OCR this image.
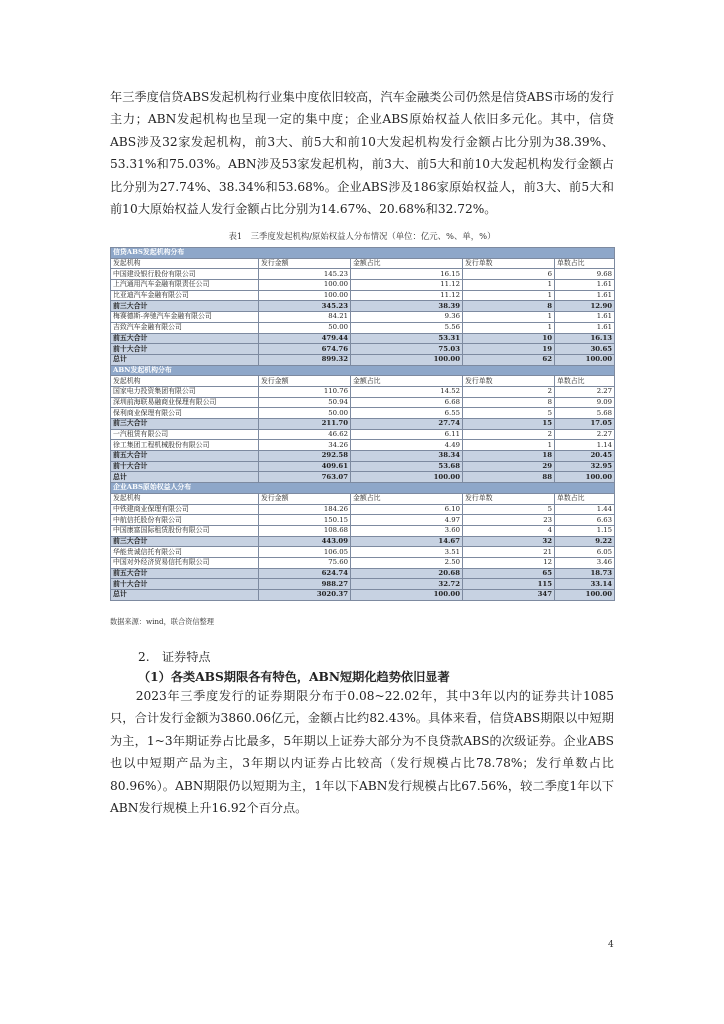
年三季度信贷ABS发起机构行业集中度依旧较高，汽车金融类公司仍然是信贷ABS市场的发行主力；ABN发起机构也呈现一定的集中度；企业ABS原始权益人依旧多元化。其中，信贷ABS涉及32家发起机构，前3大、前5大和前10大发起机构发行金额占比分别为38.39%、53.31%和75.03%。ABN涉及53家发起机构，前3大、前5大和前10大发起机构发行金额占比分别为27.74%、38.34%和53.68%。企业ABS涉及186家原始权益人，前3大、前5大和前10大原始权益人发行金额占比分别为14.67%、20.68%和32.72%。

表1　三季度发起机构/原始权益人分布情况（单位：亿元、%、单，%）
信贷ABS发起机构分布				
发起机构	发行金额	金额占比	发行单数	单数占比
中国建设银行股份有限公司	145.23	16.15	6	9.68
上汽通用汽车金融有限责任公司	100.00	11.12	1	1.61
比亚迪汽车金融有限公司	100.00	11.12	1	1.61
前三大合计	345.23	38.39	8	12.90
梅赛德斯-奔驰汽车金融有限公司	84.21	9.36	1	1.61
吉致汽车金融有限公司	50.00	5.56	1	1.61
前五大合计	479.44	53.31	10	16.13
前十大合计	674.76	75.03	19	30.65
总计	899.32	100.00	62	100.00
ABN发起机构分布				
发起机构	发行金额	金额占比	发行单数	单数占比
国家电力投资集团有限公司	110.76	14.52	2	2.27
深圳前海联易融商业保理有限公司	50.94	6.68	8	9.09
保利商业保理有限公司	50.00	6.55	5	5.68
前三大合计	211.70	27.74	15	17.05
一汽租赁有限公司	46.62	6.11	2	2.27
徐工集团工程机械股份有限公司	34.26	4.49	1	1.14
前五大合计	292.58	38.34	18	20.45
前十大合计	409.61	53.68	29	32.95
总计	763.07	100.00	88	100.00
企业ABS原始权益人分布				
发起机构	发行金额	金额占比	发行单数	单数占比
中铁建商业保理有限公司	184.26	6.10	5	1.44
中航信托股份有限公司	150.15	4.97	23	6.63
中国康富国际租赁股份有限公司	108.68	3.60	4	1.15
前三大合计	443.09	14.67	32	9.22
华能贵诚信托有限公司	106.05	3.51	21	6.05
中国对外经济贸易信托有限公司	75.60	2.50	12	3.46
前五大合计	624.74	20.68	65	18.73
前十大合计	988.27	32.72	115	33.14
总计	3020.37	100.00	347	100.00
数据来源：wind，联合资信整理
2.　证券特点
（1）各类ABS期限各有特色，ABN短期化趋势依旧显著

　　2023年三季度发行的证券期限分布于0.08~22.02年，其中3年以内的证券共计1085只，合计发行金额为3860.06亿元，金额占比约82.43%。具体来看，信贷ABS期限以中短期为主，1~3年期证券占比最多，5年期以上证券大部分为不良贷款ABS的次级证券。企业ABS也以中短期产品为主，3年期以内证券占比较高（发行规模占比78.78%；发行单数占比80.96%）。ABN期限仍以短期为主，1年以下ABN发行规模占比67.56%，较二季度1年以下ABN发行规模上升16.92个百分点。

4
